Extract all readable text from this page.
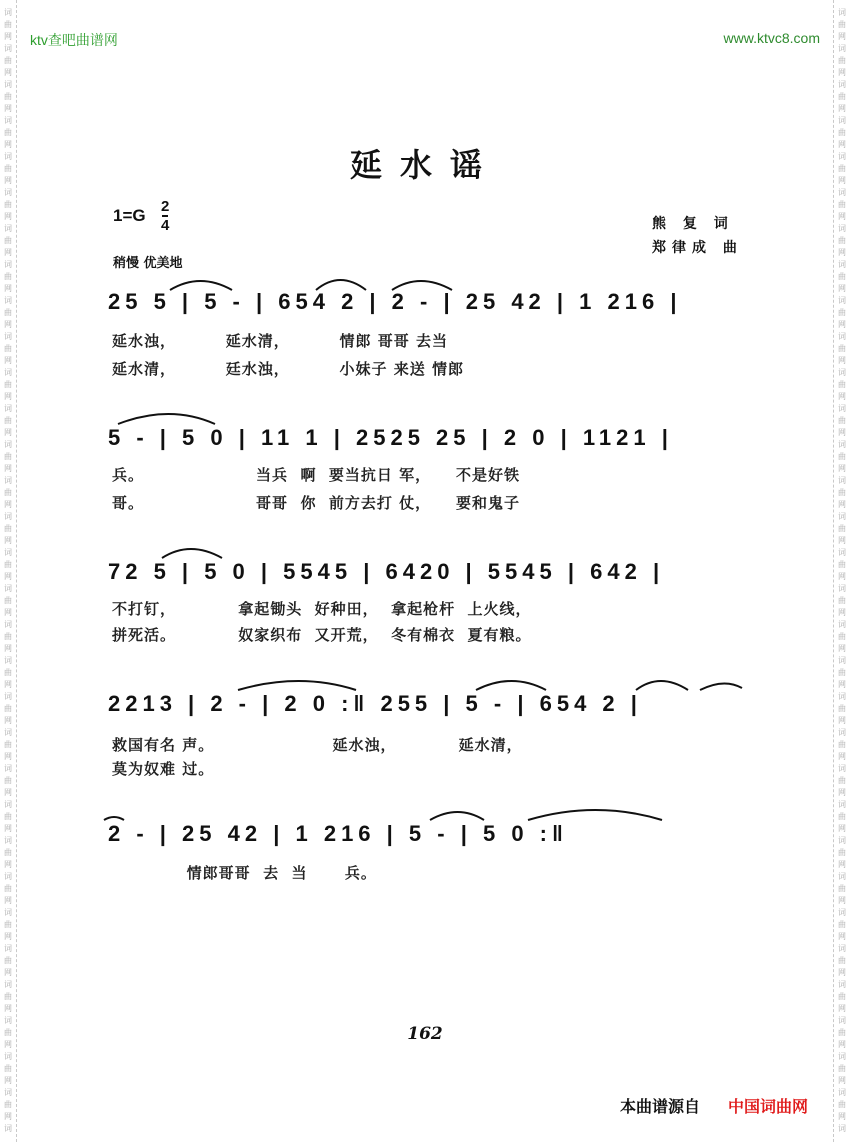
词
曲
网
词
曲
网
词
曲
网
词
曲
网
词
曲
网
词
曲
网
词
曲
网
词
曲
网
词
曲
网
词
曲
网
词
曲
网
词
曲
网
词
曲
网
词
曲
网
词
曲
网
词
曲
网
词
曲
网
词
曲
网
词
曲
网
词
曲
网
词
曲
网
词
曲
网
词
曲
网
词
曲
网
词
曲
网
词
曲
网
词
曲
网
词
曲
网
词
曲
网
词
曲
网
词
曲
网
词
词
曲
网
词
曲
网
词
曲
网
词
曲
网
词
曲
网
词
曲
网
词
曲
网
词
曲
网
词
曲
网
词
曲
网
词
曲
网
词
曲
网
词
曲
网
词
曲
网
词
曲
网
词
曲
网
词
曲
网
词
曲
网
词
曲
网
词
曲
网
词
曲
网
词
曲
网
词
曲
网
词
曲
网
词
曲
网
词
曲
网
词
曲
网
词
曲
网
词
曲
网
词
曲
网
词
曲
网
词
ktv查吧曲谱网	www.ktvc8.com
延水谣
1=G 2
4
稍慢 优美地
熊 复 词
郑律成 曲
25 5 | 5 - | 654 2 | 2 - | 25 42 | 1 216 |
延水浊，        延水清，        情郎 哥哥 去当
延水清，        廷水浊，        小妹子 来送 情郎
5 - | 5 0 | 11 1 | 2525 25 | 2 0 | 1121 |
兵。                  当兵  啊  要当抗日 军，    不是好铁
哥。                  哥哥  你  前方去打 仗，    要和鬼子
72 5 | 5 0 | 5545 | 6420 | 5545 | 642 |
不打钉，          拿起锄头  好种田，  拿起枪杆  上火线，
拼死活。          奴家织布  又开荒，  冬有棉衣  夏有粮。
2213 | 2 - | 2 0 :‖ 255 | 5 - | 654 2 |
救国有名 声。                   延水浊，          延水清，
莫为奴难 过。
2 - | 25 42 | 1 216 | 5 - | 5 0 :‖
情郎哥哥  去  当      兵。
162
本曲谱源自 中国词曲网
